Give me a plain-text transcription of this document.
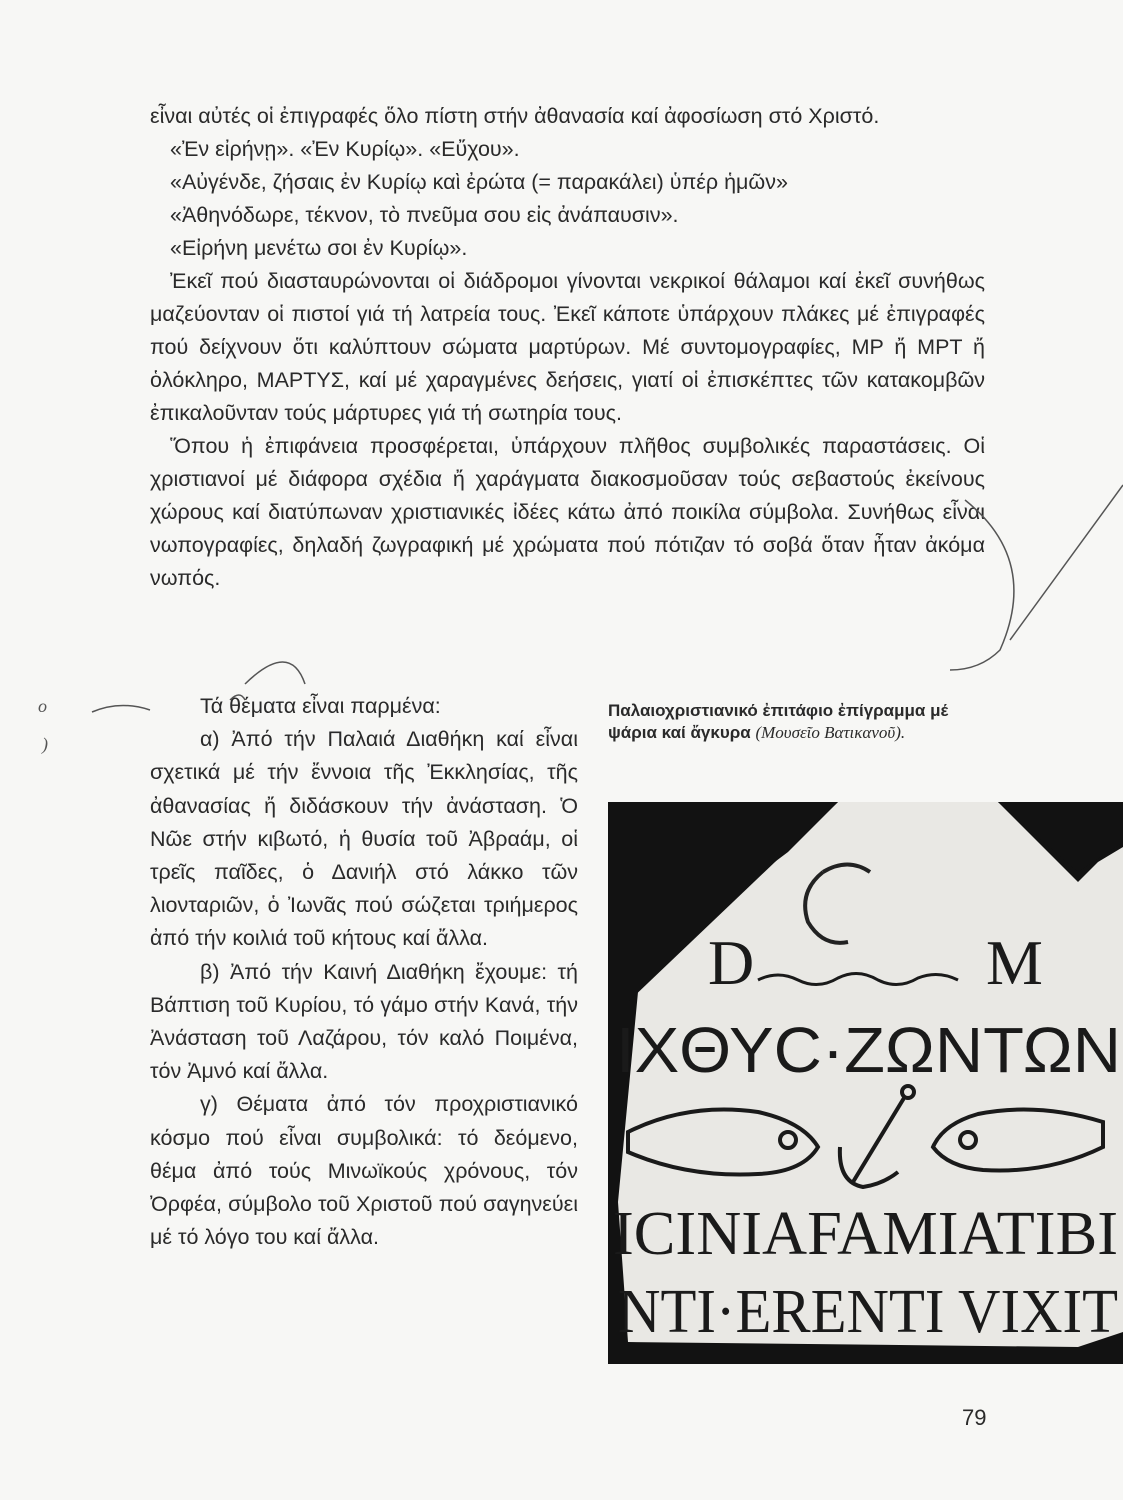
εἶναι αὐτές οἱ ἐπιγραφές ὅλο πίστη στήν ἀθανασία καί ἀφοσίωση στό Χριστό.

«Ἐν εἰρήνῃ». «Ἐν Κυρίῳ». «Εὔχου».

«Αὐγένδε, ζήσαις ἐν Κυρίῳ καὶ ἐρώτα (= παρακάλει) ὑπέρ ἡμῶν»

«Ἀθηνόδωρε, τέκνον, τὸ πνεῦμα σου εἰς ἀνάπαυσιν».

«Εἰρήνη μενέτω σοι ἐν Κυρίῳ».

Ἐκεῖ πού διασταυρώνονται οἱ διάδρομοι γίνονται νεκρικοί θάλαμοι καί ἐκεῖ συνήθως μαζεύονταν οἱ πιστοί γιά τή λατρεία τους. Ἐκεῖ κάποτε ὑπάρχουν πλάκες μέ ἐπιγραφές πού δείχνουν ὅτι καλύπτουν σώματα μαρτύρων. Μέ συντομογραφίες, ΜΡ ἤ ΜΡΤ ἤ ὁλόκληρο, ΜΑΡΤΥΣ, καί μέ χαραγμένες δεήσεις, γιατί οἱ ἐπισκέπτες τῶν κατακομβῶν ἐπικαλοῦνταν τούς μάρτυρες γιά τή σωτηρία τους.

Ὅπου ἡ ἐπιφάνεια προσφέρεται, ὑπάρχουν πλῆθος συμβολικές παραστάσεις. Οἱ χριστιανοί μέ διάφορα σχέδια ἤ χαράγματα διακοσμοῦσαν τούς σεβαστούς ἐκείνους χώρους καί διατύπωναν χριστιανικές ἰδέες κάτω ἀπό ποικίλα σύμβολα. Συνήθως εἶναι νωπογραφίες, δηλαδή ζωγραφική μέ χρώματα πού πότιζαν τό σοβά ὅταν ἦταν ἀκόμα νωπός.

Τά θέματα εἶναι παρμένα:

α) Ἀπό τήν Παλαιά Διαθήκη καί εἶναι σχετικά μέ τήν ἔννοια τῆς Ἐκκλησίας, τῆς ἀθανασίας ἤ διδάσκουν τήν ἀνάσταση. Ὁ Νῶε στήν κιβωτό, ἡ θυσία τοῦ Ἀβραάμ, οἱ τρεῖς παῖδες, ὁ Δανιήλ στό λάκκο τῶν λιονταριῶν, ὁ Ἰωνᾶς πού σώζεται τριήμερος ἀπό τήν κοιλιά τοῦ κήτους καί ἄλλα.

β) Ἀπό τήν Καινή Διαθήκη ἔχουμε: τή Βάπτιση τοῦ Κυρίου, τό γάμο στήν Κανά, τήν Ἀνάσταση τοῦ Λαζάρου, τόν καλό Ποιμένα, τόν Ἀμνό καί ἄλλα.

γ) Θέματα ἀπό τόν προχριστιανικό κόσμο πού εἶναι συμβολικά: τό δεόμενο, θέμα ἀπό τούς Μινωϊκούς χρόνους, τόν Ὀρφέα, σύμβολο τοῦ Χριστοῦ πού σαγηνεύει μέ τό λόγο του καί ἄλλα.

Παλαιοχριστιανικό ἐπιτάφιο ἐπίγραμμα μέ ψάρια καί ἄγκυρα (Μουσεῖο Βατικανοῦ).
D	M
ΙΧΘΥC·ΖΩΝΤΩΝ
ICINIAFAMIATIBI
NTI·ERENTI VIXIT
79
o
)
